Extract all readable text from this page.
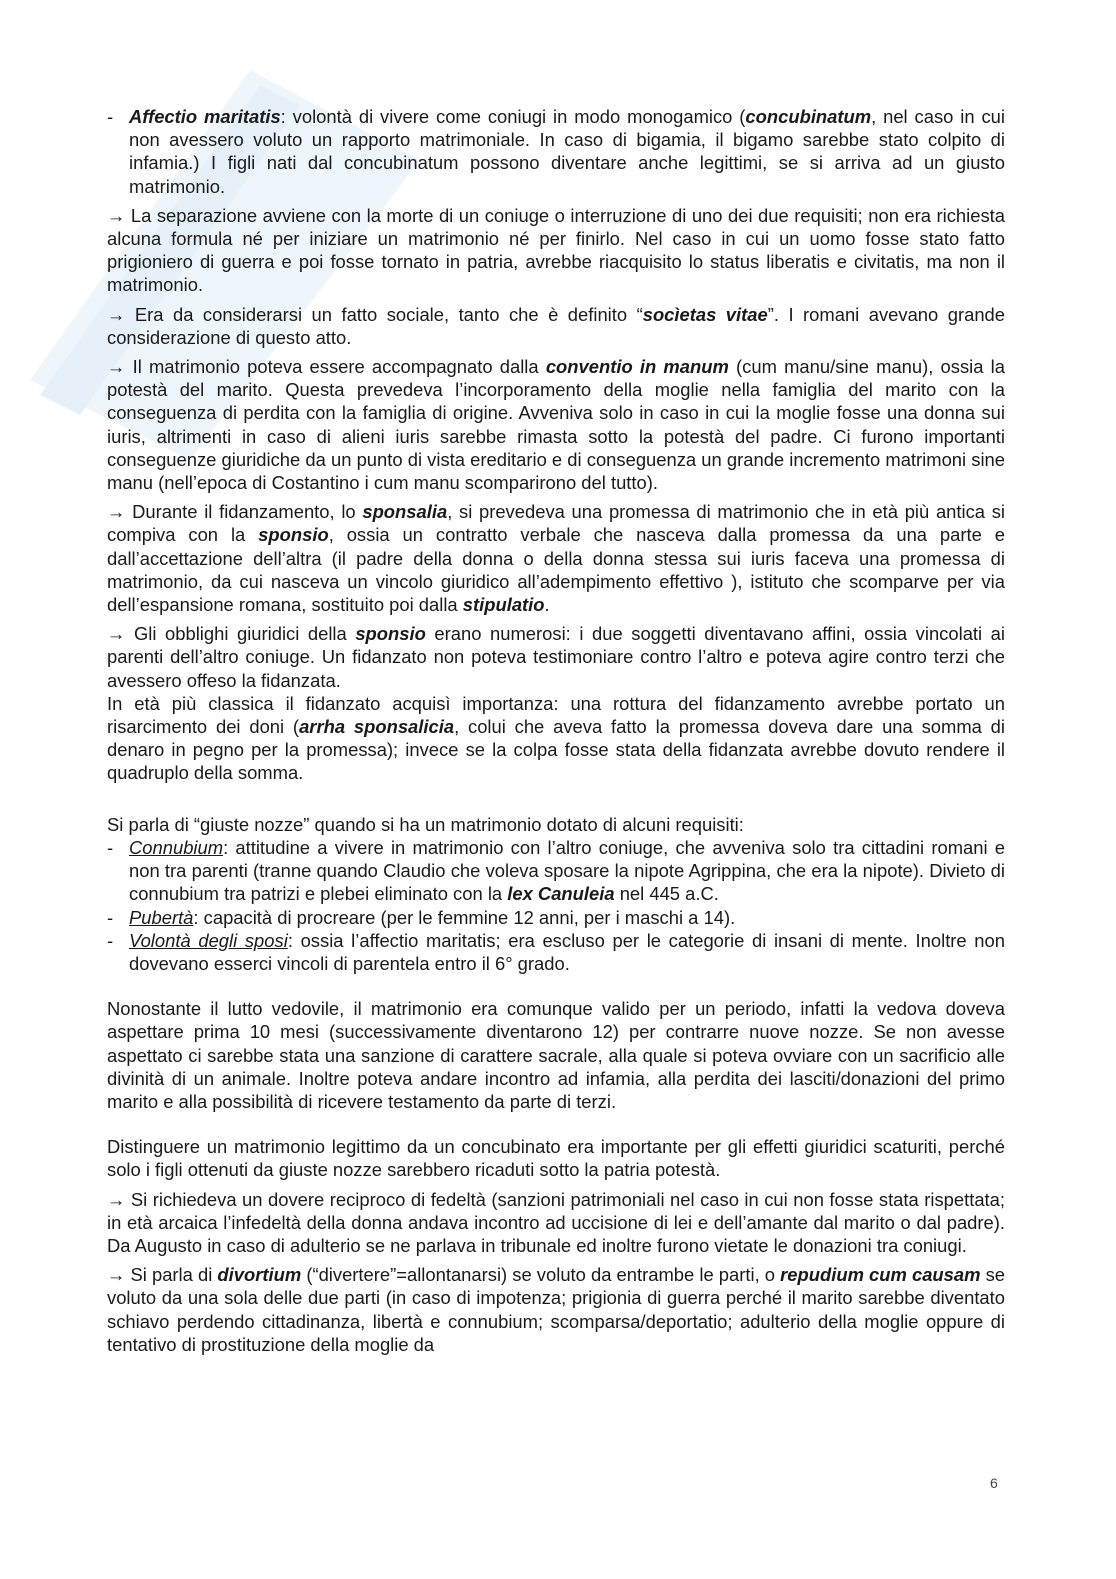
- Affectio maritatis: volontà di vivere come coniugi in modo monogamico (concubinatum, nel caso in cui non avessero voluto un rapporto matrimoniale. In caso di bigamia, il bigamo sarebbe stato colpito di infamia.) I figli nati dal concubinatum possono diventare anche legittimi, se si arriva ad un giusto matrimonio.

→ La separazione avviene con la morte di un coniuge o interruzione di uno dei due requisiti; non era richiesta alcuna formula né per iniziare un matrimonio né per finirlo. Nel caso in cui un uomo fosse stato fatto prigioniero di guerra e poi fosse tornato in patria, avrebbe riacquisito lo status liberatis e civitatis, ma non il matrimonio.

→ Era da considerarsi un fatto sociale, tanto che è definito “socìetas vitae”. I romani avevano grande considerazione di questo atto.

→ Il matrimonio poteva essere accompagnato dalla conventio in manum (cum manu/sine manu), ossia la potestà del marito. Questa prevedeva l’incorporamento della moglie nella famiglia del marito con la conseguenza di perdita con la famiglia di origine. Avveniva solo in caso in cui la moglie fosse una donna sui iuris, altrimenti in caso di alieni iuris sarebbe rimasta sotto la potestà del padre. Ci furono importanti conseguenze giuridiche da un punto di vista ereditario e di conseguenza un grande incremento matrimoni sine manu (nell’epoca di Costantino i cum manu scomparirono del tutto).

→ Durante il fidanzamento, lo sponsalia, si prevedeva una promessa di matrimonio che in età più antica si compiva con la sponsio, ossia un contratto verbale che nasceva dalla promessa da una parte e dall’accettazione dell’altra (il padre della donna o della donna stessa sui iuris faceva una promessa di matrimonio, da cui nasceva un vincolo giuridico all’adempimento effettivo ), istituto che scomparve per via dell’espansione romana, sostituito poi dalla stipulatio.

→ Gli obblighi giuridici della sponsio erano numerosi: i due soggetti diventavano affini, ossia vincolati ai parenti dell’altro coniuge. Un fidanzato non poteva testimoniare contro l’altro e poteva agire contro terzi che avessero offeso la fidanzata.

In età più classica il fidanzato acquisì importanza: una rottura del fidanzamento avrebbe portato un risarcimento dei doni (arrha sponsalicia, colui che aveva fatto la promessa doveva dare una somma di denaro in pegno per la promessa); invece se la colpa fosse stata della fidanzata avrebbe dovuto rendere il quadruplo della somma.

Si parla di “giuste nozze” quando si ha un matrimonio dotato di alcuni requisiti:

- Connubium: attitudine a vivere in matrimonio con l’altro coniuge, che avveniva solo tra cittadini romani e non tra parenti (tranne quando Claudio che voleva sposare la nipote Agrippina, che era la nipote). Divieto di connubium tra patrizi e plebei eliminato con la lex Canuleia nel 445 a.C.
- Pubertà: capacità di procreare (per le femmine 12 anni, per i maschi a 14).
- Volontà degli sposi: ossia l’affectio maritatis; era escluso per le categorie di insani di mente. Inoltre non dovevano esserci vincoli di parentela entro il 6° grado.

Nonostante il lutto vedovile, il matrimonio era comunque valido per un periodo, infatti la vedova doveva aspettare prima 10 mesi (successivamente diventarono 12) per contrarre nuove nozze. Se non avesse aspettato ci sarebbe stata una sanzione di carattere sacrale, alla quale si poteva ovviare con un sacrificio alle divinità di un animale. Inoltre poteva andare incontro ad infamia, alla perdita dei lasciti/donazioni del primo marito e alla possibilità di ricevere testamento da parte di terzi.

Distinguere un matrimonio legittimo da un concubinato era importante per gli effetti giuridici scaturiti, perché solo i figli ottenuti da giuste nozze sarebbero ricaduti sotto la patria potestà.

→ Si richiedeva un dovere reciproco di fedeltà (sanzioni patrimoniali nel caso in cui non fosse stata rispettata; in età arcaica l’infedeltà della donna andava incontro ad uccisione di lei e dell’amante dal marito o dal padre). Da Augusto in caso di adulterio se ne parlava in tribunale ed inoltre furono vietate le donazioni tra coniugi.

→ Si parla di divortium (“divertere”=allontanarsi) se voluto da entrambe le parti, o repudium cum causam se voluto da una sola delle due parti (in caso di impotenza; prigionia di guerra perché il marito sarebbe diventato schiavo perdendo cittadinanza, libertà e connubium; scomparsa/deportatio; adulterio della moglie oppure di tentativo di prostituzione della moglie da

6
